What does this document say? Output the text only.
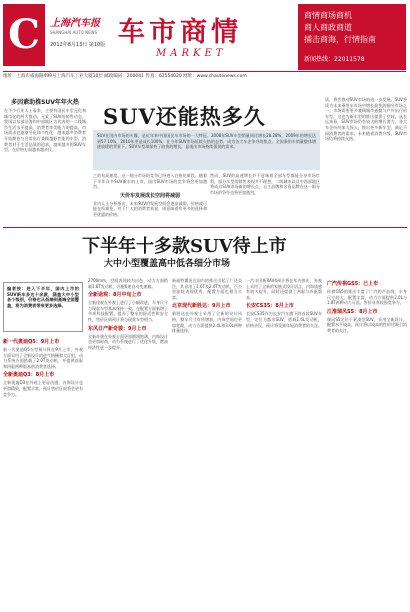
C 上海汽车报
SHANGHAI AUTO NEWS
2012年8月13日 第10版 车市商情
MARKET
商情商场商机
商人商政商道
捕击商海，行情指南
新闻热线：22011578
地址：上海市威海路499号上海汽车工业大厦10层 邮政编码：200041 传真：62554020 网址：www.shautonews.com
多因素助推SUV年年火热
在不少行业人士看来，主要有国民车型元化和城市化的两大推动。元素了SUV的销售动态。我国以东部沿海和中部地区为代表的一二线城市生活水平提高，消费者审美能力的提高，市场需求也逐渐分化和个性化，越来越多消费者开始期待与日常出行兼顾越野性能的车型。消费者对于生活品质的追求，越来越多的SUV车型，在价格方面越来越亲民。
SUV还能热多久
SUV在国内市场的火爆，是近年来中国国民车市场的一大特征。2008年SUV车型销量同比增长28.28%，2009年的增长达到57.10%，2010年更是成长100%，在今年SUV市场延续火热的态势，成为各大车企争夺的焦点。全国乘用车销量整体增速放缓的背景下，SUV车型却保持了较快的增长，显现出市场持续强劲的需求。
之的布局速度。这一细分市场的竞争已经进入白热化阶段。随着下半年众多SUV新车的上市，国内SUV市场的竞争将会更加激烈。
天价车发展成长空间将减弱
业内人士分析指出，未来SUV的发展空间会逐步减弱，价格战可能在所难免。对于广大的消费者来说，则意味着有更多的选择和更优惠的价格。
然而，SUV的高速增长并不意味着全部车型都能分享市场红利，部分车型的销售表现并不理想。二线城市以及中西部地区将成为SUV市场新的增长点，自主品牌和合资品牌在这一细分市场的争夺也将更加激烈。
质，将会推动SUV市场的进一步发展，SUV将成为未来乘用车市场中增长最快的细分市场之一。市场需要更多兼顾城市通勤与户外出行的车型，这也为新车型的推出提供了空间。从长远来看，SUV市场仍有较大的增长潜力，各大车企纷纷加大投入，推出更多新车型，满足不同消费者的需求。未来随着消费升级，SUV市场仍将持续火热。
下半年十多款SUV待上市
大中小型覆盖高中低各细分市场
编者按：进入下半年，国内上市的SUV新车多达十余款，涵盖大中小型各个级别，价格也从低端到高端全面覆盖，将为消费者带来更多选择。
新一代奥迪Q5：9月上市
新一代奥迪Q5车型预计将在9月上市，外观方面采用了全新设计的进气格栅和大灯组，动力系统方面搭载了2.0T发动机，并提供前驱和四驱两种版本供消费者选择。
全新奥迪Q3：8月上市
全新奥迪Q3在外观上更显动感，内饰设计也更加精致，配置丰富，预计售价区间将会更有竞争力。
2700mm，空间表现较为出色，动力方面搭载1.8T发动机，匹配6速自动变速箱。
全新途观：8月中旬上市
全新途观在外观上进行了小幅改进，车身尺寸与现款车型基本保持一致，在配置方面新增了多项科技配置，提升了整车的舒适性和安全性，售价区间预计将与现款车型相当。
东风日产新奇骏：9月上市
全新奇骏在外观方面更加圆润饱满，内饰设计也更加时尚，动力系统进行了优化升级，燃油经济性进一步提升。
新福特翼虎在国内的推出引起了广泛关注，其采用了1.6T及2.0T发动机，百公里油耗表现优秀，配置方面也相当丰富。
北京现代新胜达：9月上市
新胜达在外观上采用了全新的设计风格，整车尺寸有所增加，内饰空间也更加宽敞，动力方面提供2.4L和3.0L两种排量选择。
一汽丰田新RAV4预计将在年内推出，外观上采用了全新的家族式设计语言，内饰质感有较大提升，同时还提供了两驱与四驱版本。
长安CS35：8月上市
长安CS35作为长安汽车旗下的首款SUV车型，定位为都市SUV，搭载1.6L发动机，价格亲民，预计将受到年轻消费者的关注。
广汽传祺GS5：已上市
传祺GS5的推出丰富了广汽的产品线，车身尺寸较大，配置丰富，动力方面提供2.0L与1.8T两种动力可选，售价具有较强竞争力。
江淮瑞风S5：8月上市
瑞风S5定位于紧凑型SUV，采用全新设计，配置水平较高，预计将以较高的性价比吸引消费者的关注。
